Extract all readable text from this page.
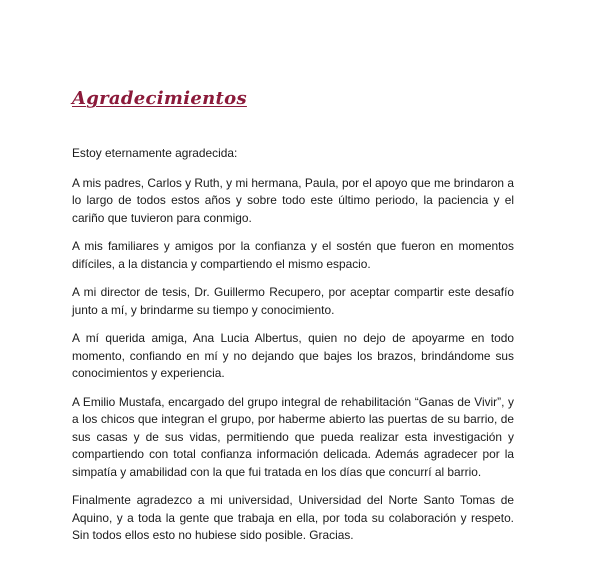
Agradecimientos

Estoy eternamente agradecida:

A mis padres, Carlos y Ruth, y mi hermana, Paula, por el apoyo que me brindaron a lo largo de todos estos años y sobre todo este último periodo, la paciencia y el cariño que tuvieron para conmigo.

A mis familiares y amigos por la confianza y el sostén que fueron en momentos difíciles, a la distancia y compartiendo el mismo espacio.

A mi director de tesis, Dr. Guillermo Recupero, por aceptar compartir este desafío junto a mí, y brindarme su tiempo y conocimiento.

A mí querida amiga, Ana Lucia Albertus, quien no dejo de apoyarme en todo momento, confiando en mí y no dejando que bajes los brazos, brindándome sus conocimientos y experiencia.

A Emilio Mustafa, encargado del grupo integral de rehabilitación “Ganas de Vivir”, y a los chicos que integran el grupo, por haberme abierto las puertas de su barrio, de sus casas y de sus vidas, permitiendo que pueda realizar esta investigación y compartiendo con total confianza información delicada. Además agradecer por la simpatía y amabilidad con la que fui tratada en los días que concurrí al barrio.

Finalmente agradezco a mi universidad, Universidad del Norte Santo Tomas de Aquino, y a toda la gente que trabaja en ella, por toda su colaboración y respeto. Sin todos ellos esto no hubiese sido posible. Gracias.
